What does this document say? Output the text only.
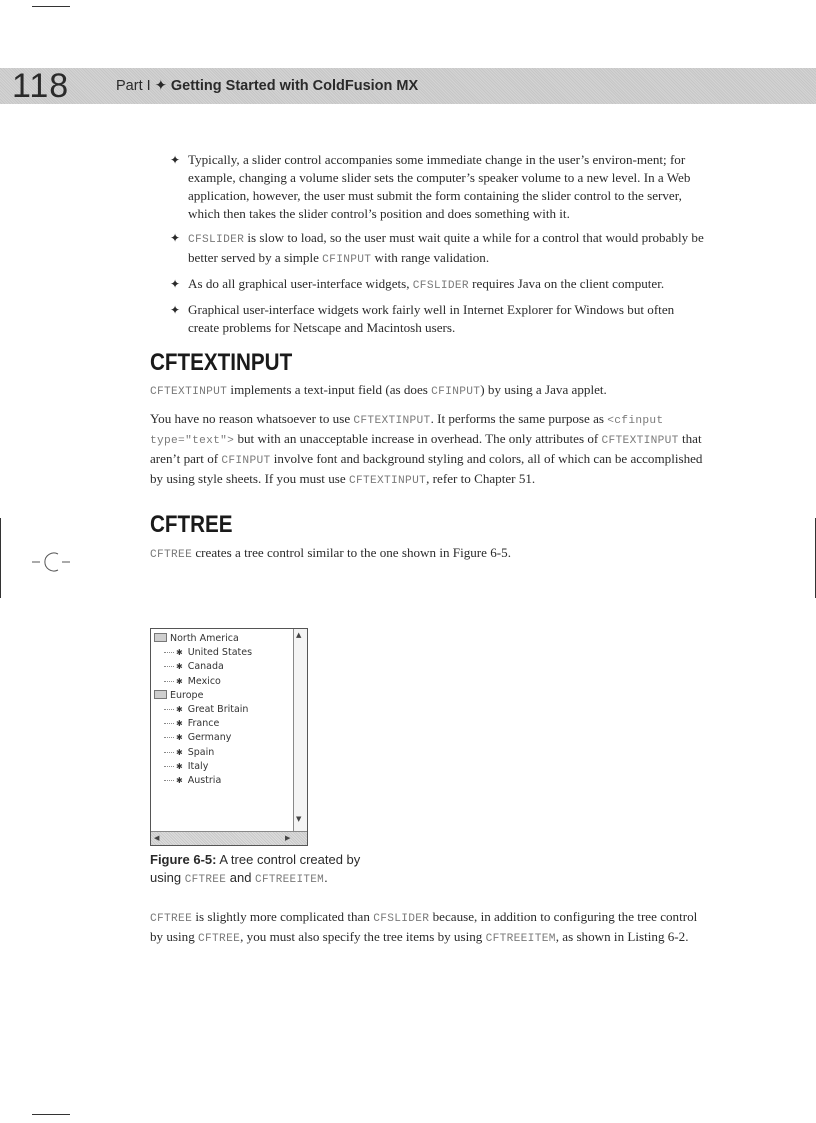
118	Part I ✦ Getting Started with ColdFusion MX
✦ Typically, a slider control accompanies some immediate change in the user’s environ-ment; for example, changing a volume slider sets the computer’s speaker volume to a new level. In a Web application, however, the user must submit the form containing the slider control to the server, which then takes the slider control’s position and does something with it.
✦ CFSLIDER is slow to load, so the user must wait quite a while for a control that would probably be better served by a simple CFINPUT with range validation.
✦ As do all graphical user-interface widgets, CFSLIDER requires Java on the client computer.
✦ Graphical user-interface widgets work fairly well in Internet Explorer for Windows but often create problems for Netscape and Macintosh users.
CFTEXTINPUT

CFTEXTINPUT implements a text-input field (as does CFINPUT) by using a Java applet.

You have no reason whatsoever to use CFTEXTINPUT. It performs the same purpose as <cfinput type="text"> but with an unacceptable increase in overhead. The only attributes of CFTEXTINPUT that aren’t part of CFINPUT involve font and background styling and colors, all of which can be accomplished by using style sheets. If you must use CFTEXTINPUT, refer to Chapter 51.

CFTREE

CFTREE creates a tree control similar to the one shown in Figure 6-5.

North America
✱ United States
✱ Canada
✱ Mexico
Europe
✱ Great Britain
✱ France
✱ Germany
✱ Spain
✱ Italy
✱ Austria
▲
▼
◀	▶
Figure 6-5: A tree control created by
using CFTREE and CFTREEITEM.

CFTREE is slightly more complicated than CFSLIDER because, in addition to configuring the tree control by using CFTREE, you must also specify the tree items by using CFTREEITEM, as shown in Listing 6-2.
